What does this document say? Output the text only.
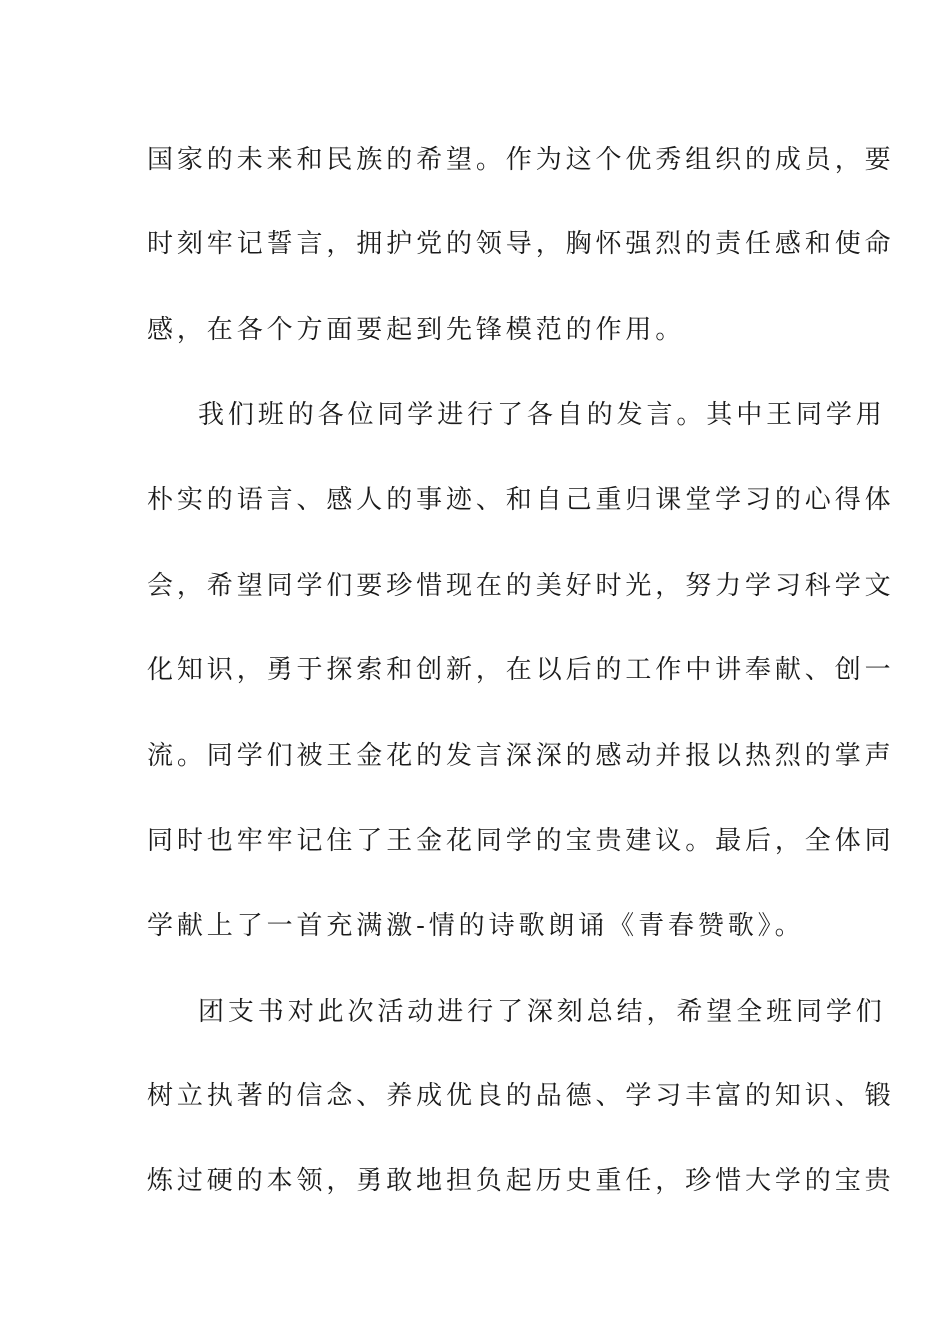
国家的未来和民族的希望。作为这个优秀组织的成员，要
时刻牢记誓言，拥护党的领导，胸怀强烈的责任感和使命
感，在各个方面要起到先锋模范的作用。
我们班的各位同学进行了各自的发言。其中王同学用
朴实的语言、感人的事迹、和自己重归课堂学习的心得体
会，希望同学们要珍惜现在的美好时光，努力学习科学文
化知识，勇于探索和创新，在以后的工作中讲奉献、创一
流。同学们被王金花的发言深深的感动并报以热烈的掌声
同时也牢牢记住了王金花同学的宝贵建议。最后，全体同
学献上了一首充满激-情的诗歌朗诵《青春赞歌》。
团支书对此次活动进行了深刻总结，希望全班同学们
树立执著的信念、养成优良的品德、学习丰富的知识、锻
炼过硬的本领，勇敢地担负起历史重任，珍惜大学的宝贵
